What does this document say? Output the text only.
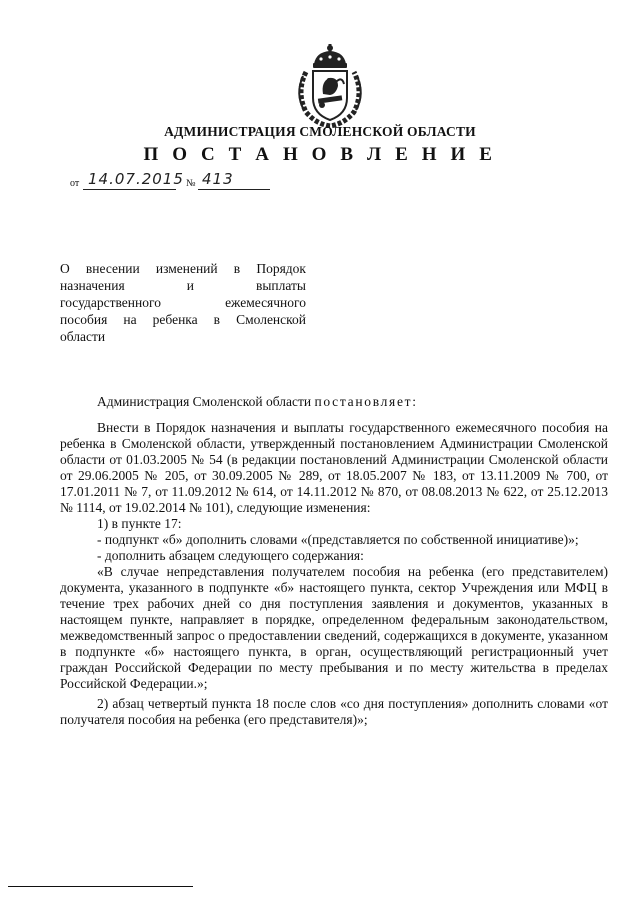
АДМИНИСТРАЦИЯ СМОЛЕНСКОЙ ОБЛАСТИ
П О С Т А Н О В Л Е Н И Е
от 14.07.2015 № 413
О внесении изменений в Порядок
назначения и выплаты
государственного ежемесячного
пособия на ребенка в Смоленской
области
Администрация Смоленской области постановляет:
Внести в Порядок назначения и выплаты государственного ежемесячного пособия на ребенка в Смоленской области, утвержденный постановлением Администрации Смоленской области от 01.03.2005 № 54 (в редакции постановлений Администрации Смоленской области от 29.06.2005 № 205, от 30.09.2005 № 289, от 18.05.2007 № 183, от 13.11.2009 № 700, от 17.01.2011 № 7, от 11.09.2012 № 614, от 14.11.2012 № 870, от 08.08.2013 № 622, от 25.12.2013 № 1114, от 19.02.2014 № 101), следующие изменения:
1) в пункте 17:
- подпункт «б» дополнить словами «(представляется по собственной инициативе)»;
- дополнить абзацем следующего содержания:
«В случае непредставления получателем пособия на ребенка (его представителем) документа, указанного в подпункте «б» настоящего пункта, сектор Учреждения или МФЦ в течение трех рабочих дней со дня поступления заявления и документов, указанных в настоящем пункте, направляет в порядке, определенном федеральным законодательством, межведомственный запрос о предоставлении сведений, содержащихся в документе, указанном в подпункте «б» настоящего пункта, в орган, осуществляющий регистрационный учет граждан Российской Федерации по месту пребывания и по месту жительства в пределах Российской Федерации.»;
2) абзац четвертый пункта 18 после слов «со дня поступления» дополнить словами «от получателя пособия на ребенка (его представителя)»;
